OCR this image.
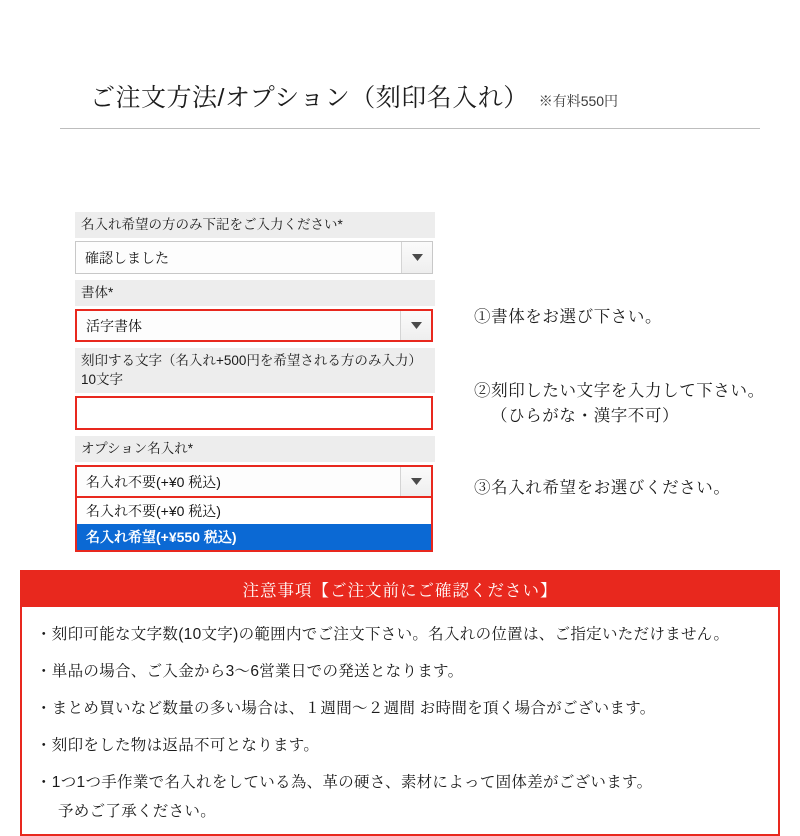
ご注文方法/オプション（刻印名入れ） ※有料550円
名入れ希望の方のみ下記をご入力ください*
確認しました
書体*
活字書体
刻印する文字（名入れ+500円を希望される方のみ入力）10文字
オプション名入れ*
名入れ不要(+¥0 税込)
名入れ不要(+¥0 税込)
名入れ希望(+¥550 税込)
①書体をお選び下さい。
②刻印したい文字を入力して下さい。
（ひらがな・漢字不可）
③名入れ希望をお選びください。
注意事項【ご注文前にご確認ください】
・刻印可能な文字数(10文字)の範囲内でご注文下さい。名入れの位置は、ご指定いただけません。
・単品の場合、ご入金から3〜6営業日での発送となります。
・まとめ買いなど数量の多い場合は、１週間〜２週間 お時間を頂く場合がございます。
・刻印をした物は返品不可となります。
・1つ1つ手作業で名入れをしている為、革の硬さ、素材によって固体差がございます。
予めご了承ください。
